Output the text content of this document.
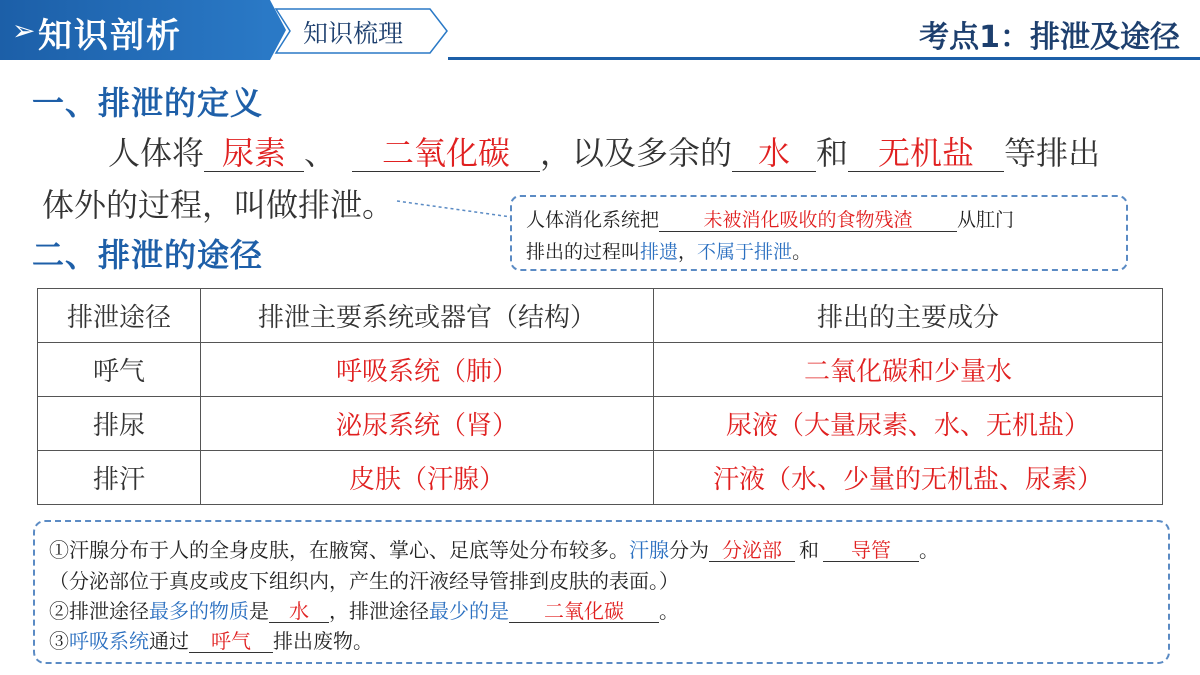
➢ 知识剖析	知识梳理	考点1：排泄及途径
一、排泄的定义
人体将 尿素 、 二氧化碳 ，以及多余的 水 和 无机盐 等排出
体外的过程，叫做排泄。	人体消化系统把 未被消化吸收的食物残渣 从肛门
排出的过程叫排遗，不属于排泄。
二、排泄的途径
排泄途径	排泄主要系统或器官（结构）	排出的主要成分
呼气	呼吸系统（肺）	二氧化碳和少量水
排尿	泌尿系统（肾）	尿液（大量尿素、水、无机盐）
排汗	皮肤（汗腺）	汗液（水、少量的无机盐、尿素）
①汗腺分布于人的全身皮肤，在腋窝、掌心、足底等处分布较多。汗腺分为 分泌部 和 导管 。
（分泌部位于真皮或皮下组织内，产生的汗液经导管排到皮肤的表面。）
②排泄途径最多的物质是 水 ，排泄途径最少的是 二氧化碳 。
③呼吸系统通过 呼气 排出废物。
